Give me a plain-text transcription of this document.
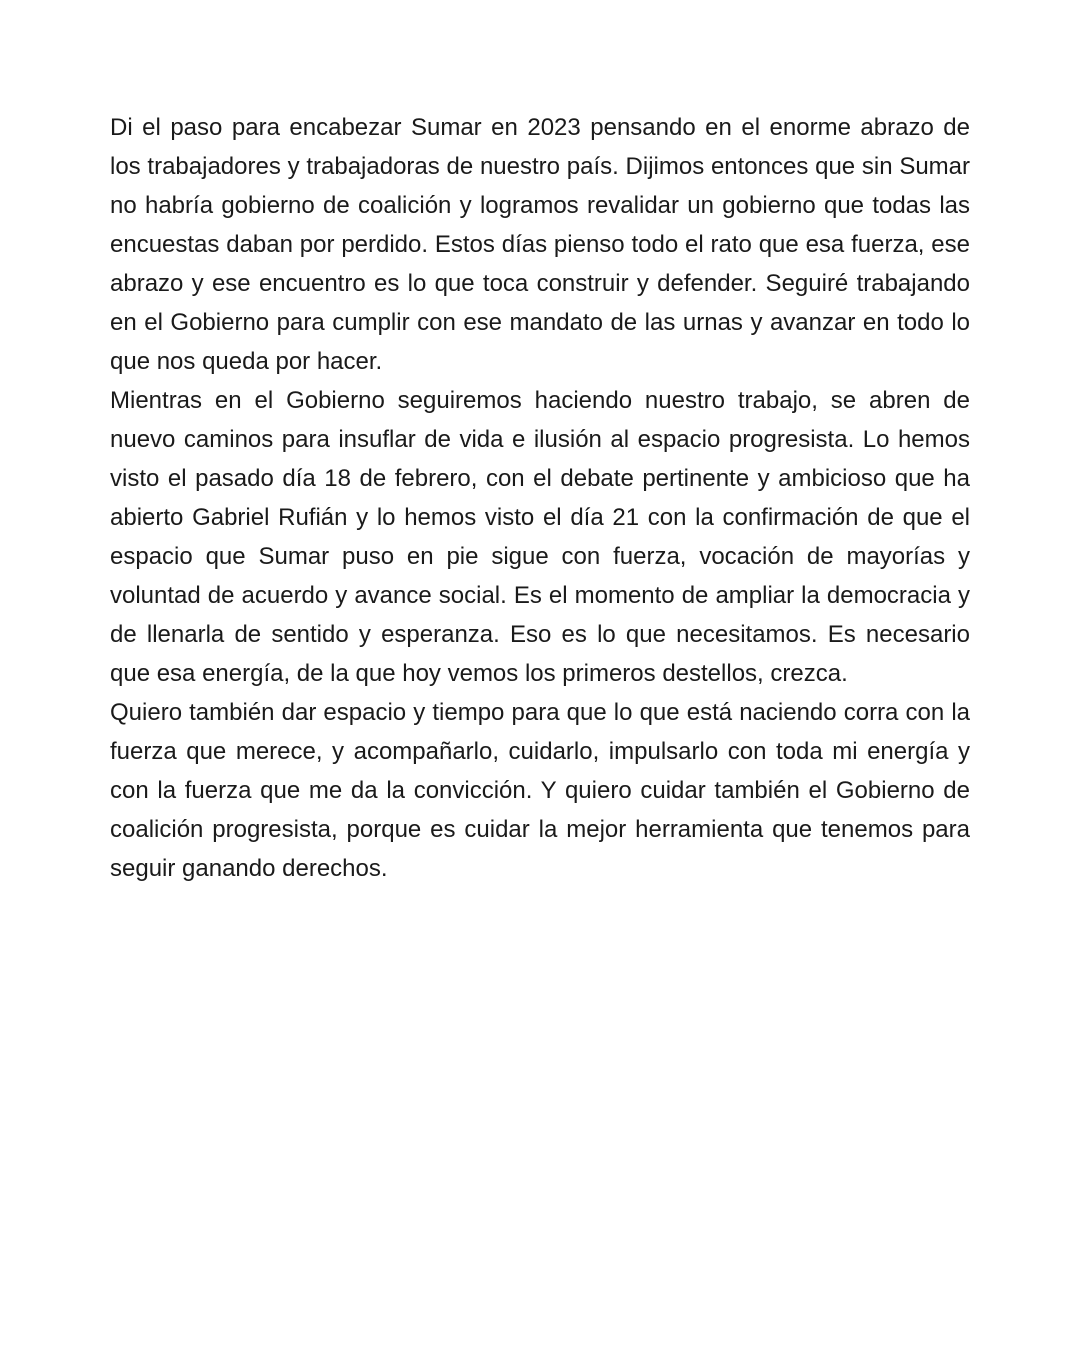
Di el paso para encabezar Sumar en 2023 pensando en el enorme abrazo de los trabajadores y trabajadoras de nuestro país. Dijimos entonces que sin Sumar no habría gobierno de coalición y logramos revalidar un gobierno que todas las encuestas daban por perdido. Estos días pienso todo el rato que esa fuerza, ese abrazo y ese encuentro es lo que toca construir y defender. Seguiré trabajando en el Gobierno para cumplir con ese mandato de las urnas y avanzar en todo lo que nos queda por hacer.

Mientras en el Gobierno seguiremos haciendo nuestro trabajo, se abren de nuevo caminos para insuflar de vida e ilusión al espacio progresista. Lo hemos visto el pasado día 18 de febrero, con el debate pertinente y ambicioso que ha abierto Gabriel Rufián y lo hemos visto el día 21 con la confirmación de que el espacio que Sumar puso en pie sigue con fuerza, vocación de mayorías y voluntad de acuerdo y avance social. Es el momento de ampliar la democracia y de llenarla de sentido y esperanza. Eso es lo que necesitamos. Es necesario que esa energía, de la que hoy vemos los primeros destellos, crezca.

Quiero también dar espacio y tiempo para que lo que está naciendo corra con la fuerza que merece, y acompañarlo, cuidarlo, impulsarlo con toda mi energía y con la fuerza que me da la convicción. Y quiero cuidar también el Gobierno de coalición progresista, porque es cuidar la mejor herramienta que tenemos para seguir ganando derechos.
